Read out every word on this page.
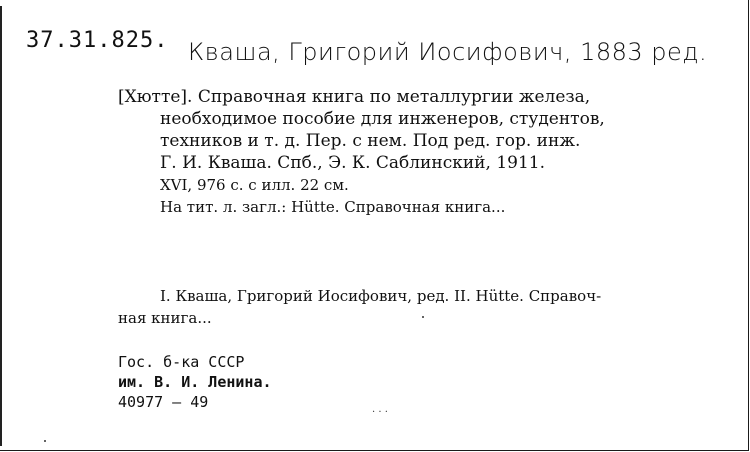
37.31.825. Кваша, Григорий Иосифович, 1883 ред.
[Хютте]. Справочная книга по металлургии железа,
необходимое пособие для инженеров, студентов,
техников и т. д. Пер. с нем. Под ред. гор. инж.
Г. И. Кваша. Спб., Э. К. Саблинский, 1911.
XVI, 976 с. с илл. 22 см.
На тит. л. загл.: Hütte. Справочная книга...
I. Кваша, Григорий Иосифович, ред. II. Hütte. Справоч-
ная книга...
Гос. б-ка СССР
им. В. И. Ленина.
40977 — 49	. . .
